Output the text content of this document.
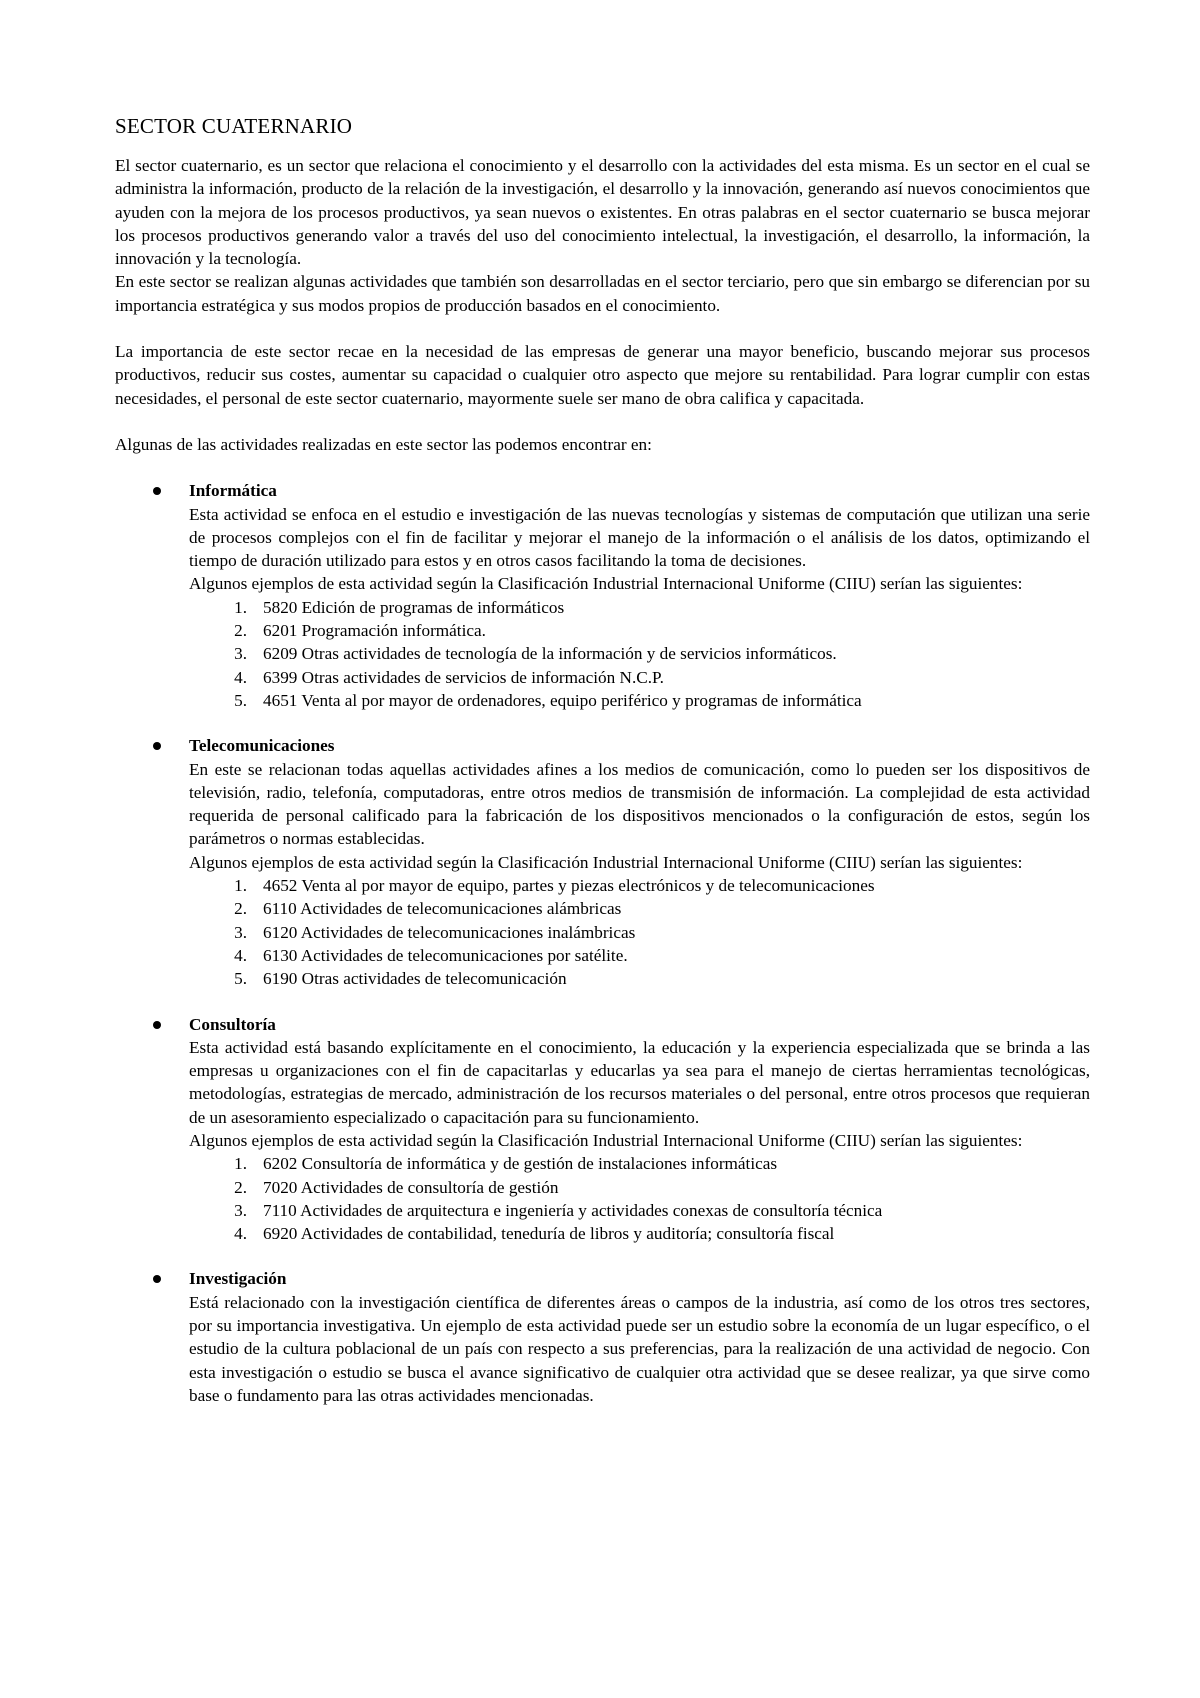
SECTOR CUATERNARIO

El sector cuaternario, es un sector que relaciona el conocimiento y el desarrollo con la actividades del esta misma. Es un sector en el cual se administra la información, producto de la relación de la investigación, el desarrollo y la innovación, generando así nuevos conocimientos que ayuden con la mejora de los procesos productivos, ya sean nuevos o existentes. En otras palabras en el sector cuaternario se busca mejorar los procesos productivos generando valor a través del uso del conocimiento intelectual, la investigación, el desarrollo, la información, la innovación y la tecnología.

En este sector se realizan algunas actividades que también son desarrolladas en el sector terciario, pero que sin embargo se diferencian por su importancia estratégica y sus modos propios de producción basados en el conocimiento.

La importancia de este sector recae en la necesidad de las empresas de generar una mayor beneficio, buscando mejorar sus procesos productivos, reducir sus costes, aumentar su capacidad o cualquier otro aspecto que mejore su rentabilidad. Para lograr cumplir con estas necesidades, el personal de este sector cuaternario, mayormente suele ser mano de obra califica y capacitada.

Algunas de las actividades realizadas en este sector las podemos encontrar en:

Informática

Esta actividad se enfoca en el estudio e investigación de las nuevas tecnologías y sistemas de computación que utilizan una serie de procesos complejos con el fin de facilitar y mejorar el manejo de la información o el análisis de los datos, optimizando el tiempo de duración utilizado para estos y en otros casos facilitando la toma de decisiones.

Algunos ejemplos de esta actividad según la Clasificación Industrial Internacional Uniforme (CIIU) serían las siguientes:

1. 5820 Edición de programas de informáticos
2. 6201 Programación informática.
3. 6209 Otras actividades de tecnología de la información y de servicios informáticos.
4. 6399 Otras actividades de servicios de información N.C.P.
5. 4651 Venta al por mayor de ordenadores, equipo periférico y programas de informática
Telecomunicaciones

En este se relacionan todas aquellas actividades afines a los medios de comunicación, como lo pueden ser los dispositivos de televisión, radio, telefonía, computadoras, entre otros medios de transmisión de información. La complejidad de esta actividad requerida de personal calificado para la fabricación de los dispositivos mencionados o la configuración de estos, según los parámetros o normas establecidas.

Algunos ejemplos de esta actividad según la Clasificación Industrial Internacional Uniforme (CIIU) serían las siguientes:

1. 4652 Venta al por mayor de equipo, partes y piezas electrónicos y de telecomunicaciones
2. 6110 Actividades de telecomunicaciones alámbricas
3. 6120 Actividades de telecomunicaciones inalámbricas
4. 6130 Actividades de telecomunicaciones por satélite.
5. 6190 Otras actividades de telecomunicación
Consultoría

Esta actividad está basando explícitamente en el conocimiento, la educación y la experiencia especializada que se brinda a las empresas u organizaciones con el fin de capacitarlas y educarlas ya sea para el manejo de ciertas herramientas tecnológicas, metodologías, estrategias de mercado, administración de los recursos materiales o del personal, entre otros procesos que requieran de un asesoramiento especializado o capacitación para su funcionamiento.

Algunos ejemplos de esta actividad según la Clasificación Industrial Internacional Uniforme (CIIU) serían las siguientes:

1. 6202 Consultoría de informática y de gestión de instalaciones informáticas
2. 7020 Actividades de consultoría de gestión
3. 7110 Actividades de arquitectura e ingeniería y actividades conexas de consultoría técnica
4. 6920 Actividades de contabilidad, teneduría de libros y auditoría; consultoría fiscal
Investigación

Está relacionado con la investigación científica de diferentes áreas o campos de la industria, así como de los otros tres sectores, por su importancia investigativa. Un ejemplo de esta actividad puede ser un estudio sobre la economía de un lugar específico, o el estudio de la cultura poblacional de un país con respecto a sus preferencias, para la realización de una actividad de negocio. Con esta investigación o estudio se busca el avance significativo de cualquier otra actividad que se desee realizar, ya que sirve como base o fundamento para las otras actividades mencionadas.
